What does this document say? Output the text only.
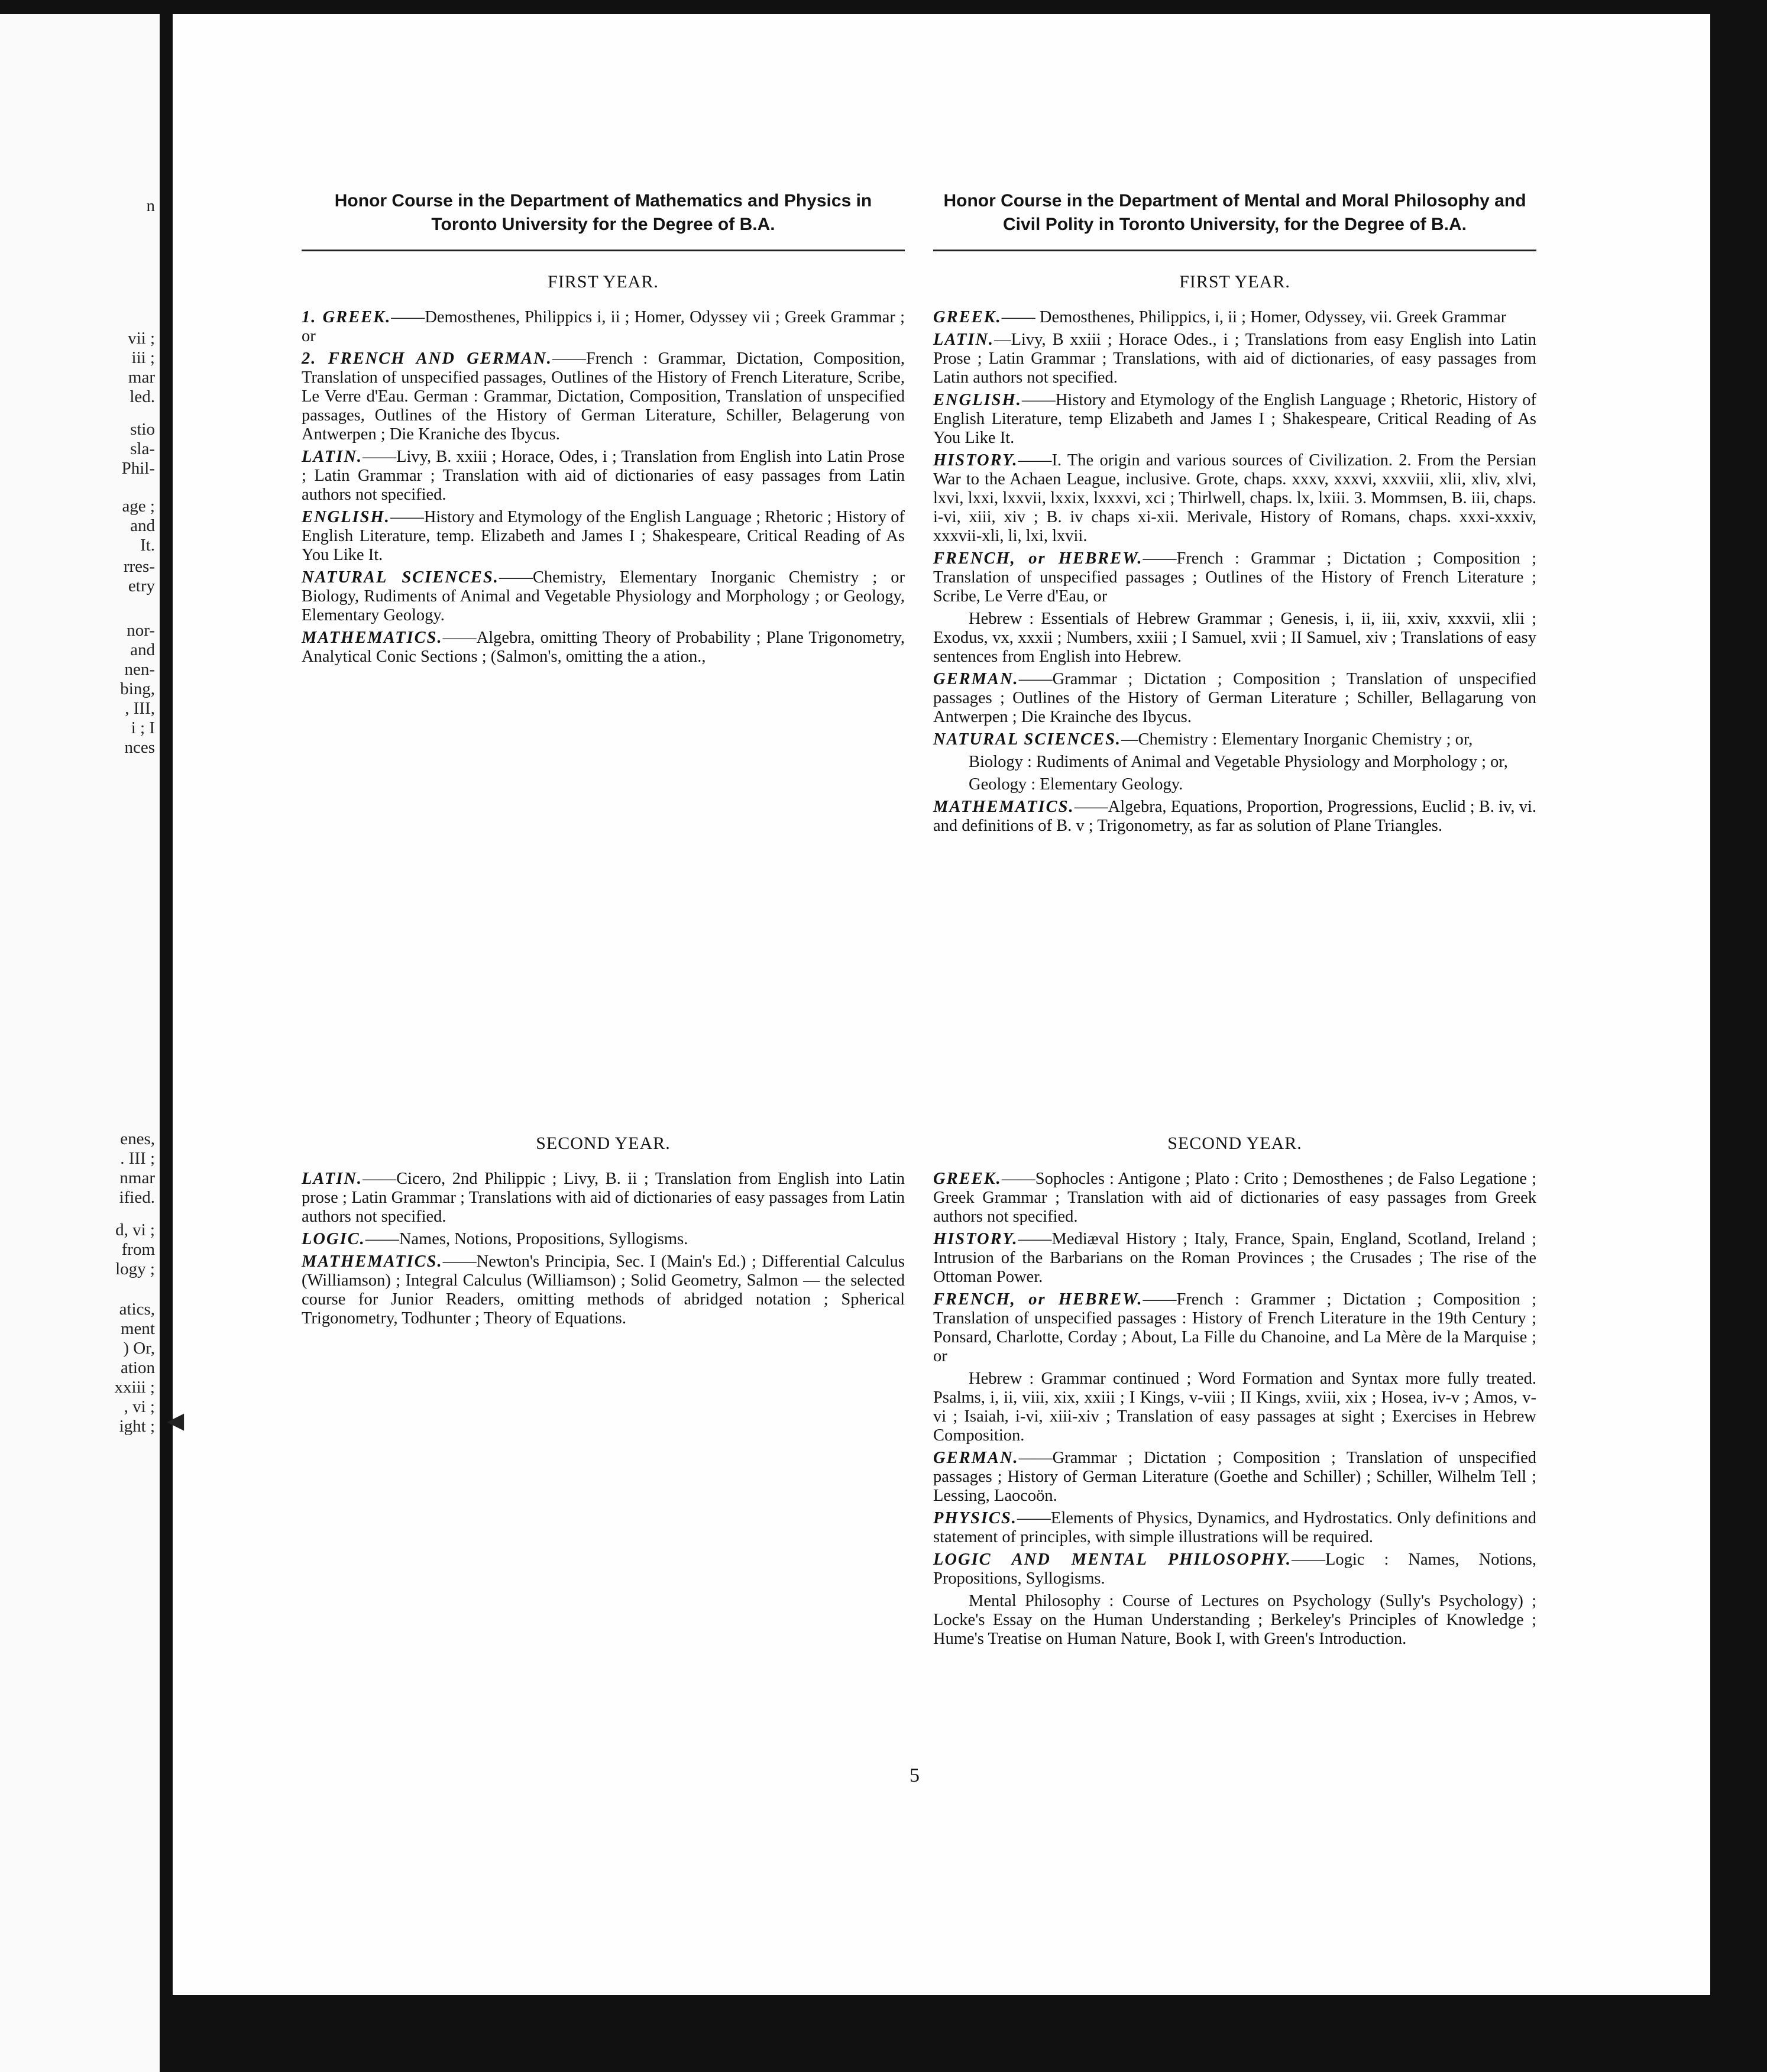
n
vii ;
iii ;
mar
led.
stio
sla-
Phil-
age ;
and
It.
rres-
etry
nor-
and
nen-
bing,
, III,
i ; I
nces
enes,
. III ;
nmar
ified.
d, vi ;
from
logy ;
atics,
ment
) Or,
ation
xxiii ;
, vi ;
ight ; ◀
Honor Course in the Department of Mathematics and Physics in Toronto University for the Degree of B.A.
FIRST YEAR.
1. GREEK.——Demosthenes, Philippics i, ii ; Homer, Odyssey vii ; Greek Grammar ; or
2. FRENCH AND GERMAN.——French : Grammar, Dictation, Composition, Translation of unspecified passages, Outlines of the History of French Literature, Scribe, Le Verre d'Eau. German : Grammar, Dictation, Composition, Translation of unspecified passages, Outlines of the History of German Literature, Schiller, Belagerung von Antwerpen ; Die Kraniche des Ibycus.
LATIN.——Livy, B. xxiii ; Horace, Odes, i ; Translation from English into Latin Prose ; Latin Grammar ; Translation with aid of dictionaries of easy passages from Latin authors not specified.
ENGLISH.——History and Etymology of the English Language ; Rhetoric ; History of English Literature, temp. Elizabeth and James I ; Shakespeare, Critical Reading of As You Like It.
NATURAL SCIENCES.——Chemistry, Elementary Inorganic Chemistry ; or Biology, Rudiments of Animal and Vegetable Physiology and Morphology ; or Geology, Elementary Geology.
MATHEMATICS.——Algebra, omitting Theory of Probability ; Plane Trigonometry, Analytical Conic Sections ; (Salmon's, omitting the a ation.,
SECOND YEAR.
LATIN.——Cicero, 2nd Philippic ; Livy, B. ii ; Translation from English into Latin prose ; Latin Grammar ; Translations with aid of dictionaries of easy passages from Latin authors not specified.
LOGIC.——Names, Notions, Propositions, Syllogisms.
MATHEMATICS.——Newton's Principia, Sec. I (Main's Ed.) ; Differential Calculus (Williamson) ; Integral Calculus (Williamson) ; Solid Geometry, Salmon — the selected course for Junior Readers, omitting methods of abridged notation ; Spherical Trigonometry, Todhunter ; Theory of Equations.
Honor Course in the Department of Mental and Moral Philosophy and Civil Polity in Toronto University, for the Degree of B.A.
FIRST YEAR.
GREEK.—— Demosthenes, Philippics, i, ii ; Homer, Odyssey, vii. Greek Grammar
LATIN.—Livy, B xxiii ; Horace Odes., i ; Translations from easy English into Latin Prose ; Latin Grammar ; Translations, with aid of dictionaries, of easy passages from Latin authors not specified.
ENGLISH.——History and Etymology of the English Language ; Rhetoric, History of English Literature, temp Elizabeth and James I ; Shakespeare, Critical Reading of As You Like It.
HISTORY.——I. The origin and various sources of Civilization. 2. From the Persian War to the Achaen League, inclusive. Grote, chaps. xxxv, xxxvi, xxxviii, xlii, xliv, xlvi, lxvi, lxxi, lxxvii, lxxix, lxxxvi, xci ; Thirlwell, chaps. lx, lxiii. 3. Mommsen, B. iii, chaps. i-vi, xiii, xiv ; B. iv chaps xi-xii. Merivale, History of Romans, chaps. xxxi-xxxiv, xxxvii-xli, li, lxi, lxvii.
FRENCH, or HEBREW.——French : Grammar ; Dictation ; Composition ; Translation of unspecified passages ; Outlines of the History of French Literature ; Scribe, Le Verre d'Eau, or
Hebrew : Essentials of Hebrew Grammar ; Genesis, i, ii, iii, xxiv, xxxvii, xlii ; Exodus, vx, xxxii ; Numbers, xxiii ; I Samuel, xvii ; II Samuel, xiv ; Translations of easy sentences from English into Hebrew.
GERMAN.——Grammar ; Dictation ; Composition ; Translation of unspecified passages ; Outlines of the History of German Literature ; Schiller, Bellagarung von Antwerpen ; Die Krainche des Ibycus.
NATURAL SCIENCES.—Chemistry : Elementary Inorganic Chemistry ; or,
Biology : Rudiments of Animal and Vegetable Physiology and Morphology ; or,
Geology : Elementary Geology.
MATHEMATICS.——Algebra, Equations, Proportion, Progressions, Euclid ; B. iv, vi. and definitions of B. v ; Trigonometry, as far as solution of Plane Triangles.
SECOND YEAR.
GREEK.——Sophocles : Antigone ; Plato : Crito ; Demosthenes ; de Falso Legatione ; Greek Grammar ; Translation with aid of dictionaries of easy passages from Greek authors not specified.
HISTORY.——Mediæval History ; Italy, France, Spain, England, Scotland, Ireland ; Intrusion of the Barbarians on the Roman Provinces ; the Crusades ; The rise of the Ottoman Power.
FRENCH, or HEBREW.——French : Grammer ; Dictation ; Composition ; Translation of unspecified passages : History of French Literature in the 19th Century ; Ponsard, Charlotte, Corday ; About, La Fille du Chanoine, and La Mère de la Marquise ; or
Hebrew : Grammar continued ; Word Formation and Syntax more fully treated. Psalms, i, ii, viii, xix, xxiii ; I Kings, v-viii ; II Kings, xviii, xix ; Hosea, iv-v ; Amos, v-vi ; Isaiah, i-vi, xiii-xiv ; Translation of easy passages at sight ; Exercises in Hebrew Composition.
GERMAN.——Grammar ; Dictation ; Composition ; Translation of unspecified passages ; History of German Literature (Goethe and Schiller) ; Schiller, Wilhelm Tell ; Lessing, Laocoön.
PHYSICS.——Elements of Physics, Dynamics, and Hydrostatics. Only definitions and statement of principles, with simple illustrations will be required.
LOGIC AND MENTAL PHILOSOPHY.——Logic : Names, Notions, Propositions, Syllogisms.
Mental Philosophy : Course of Lectures on Psychology (Sully's Psychology) ; Locke's Essay on the Human Understanding ; Berkeley's Principles of Knowledge ; Hume's Treatise on Human Nature, Book I, with Green's Introduction.
5
